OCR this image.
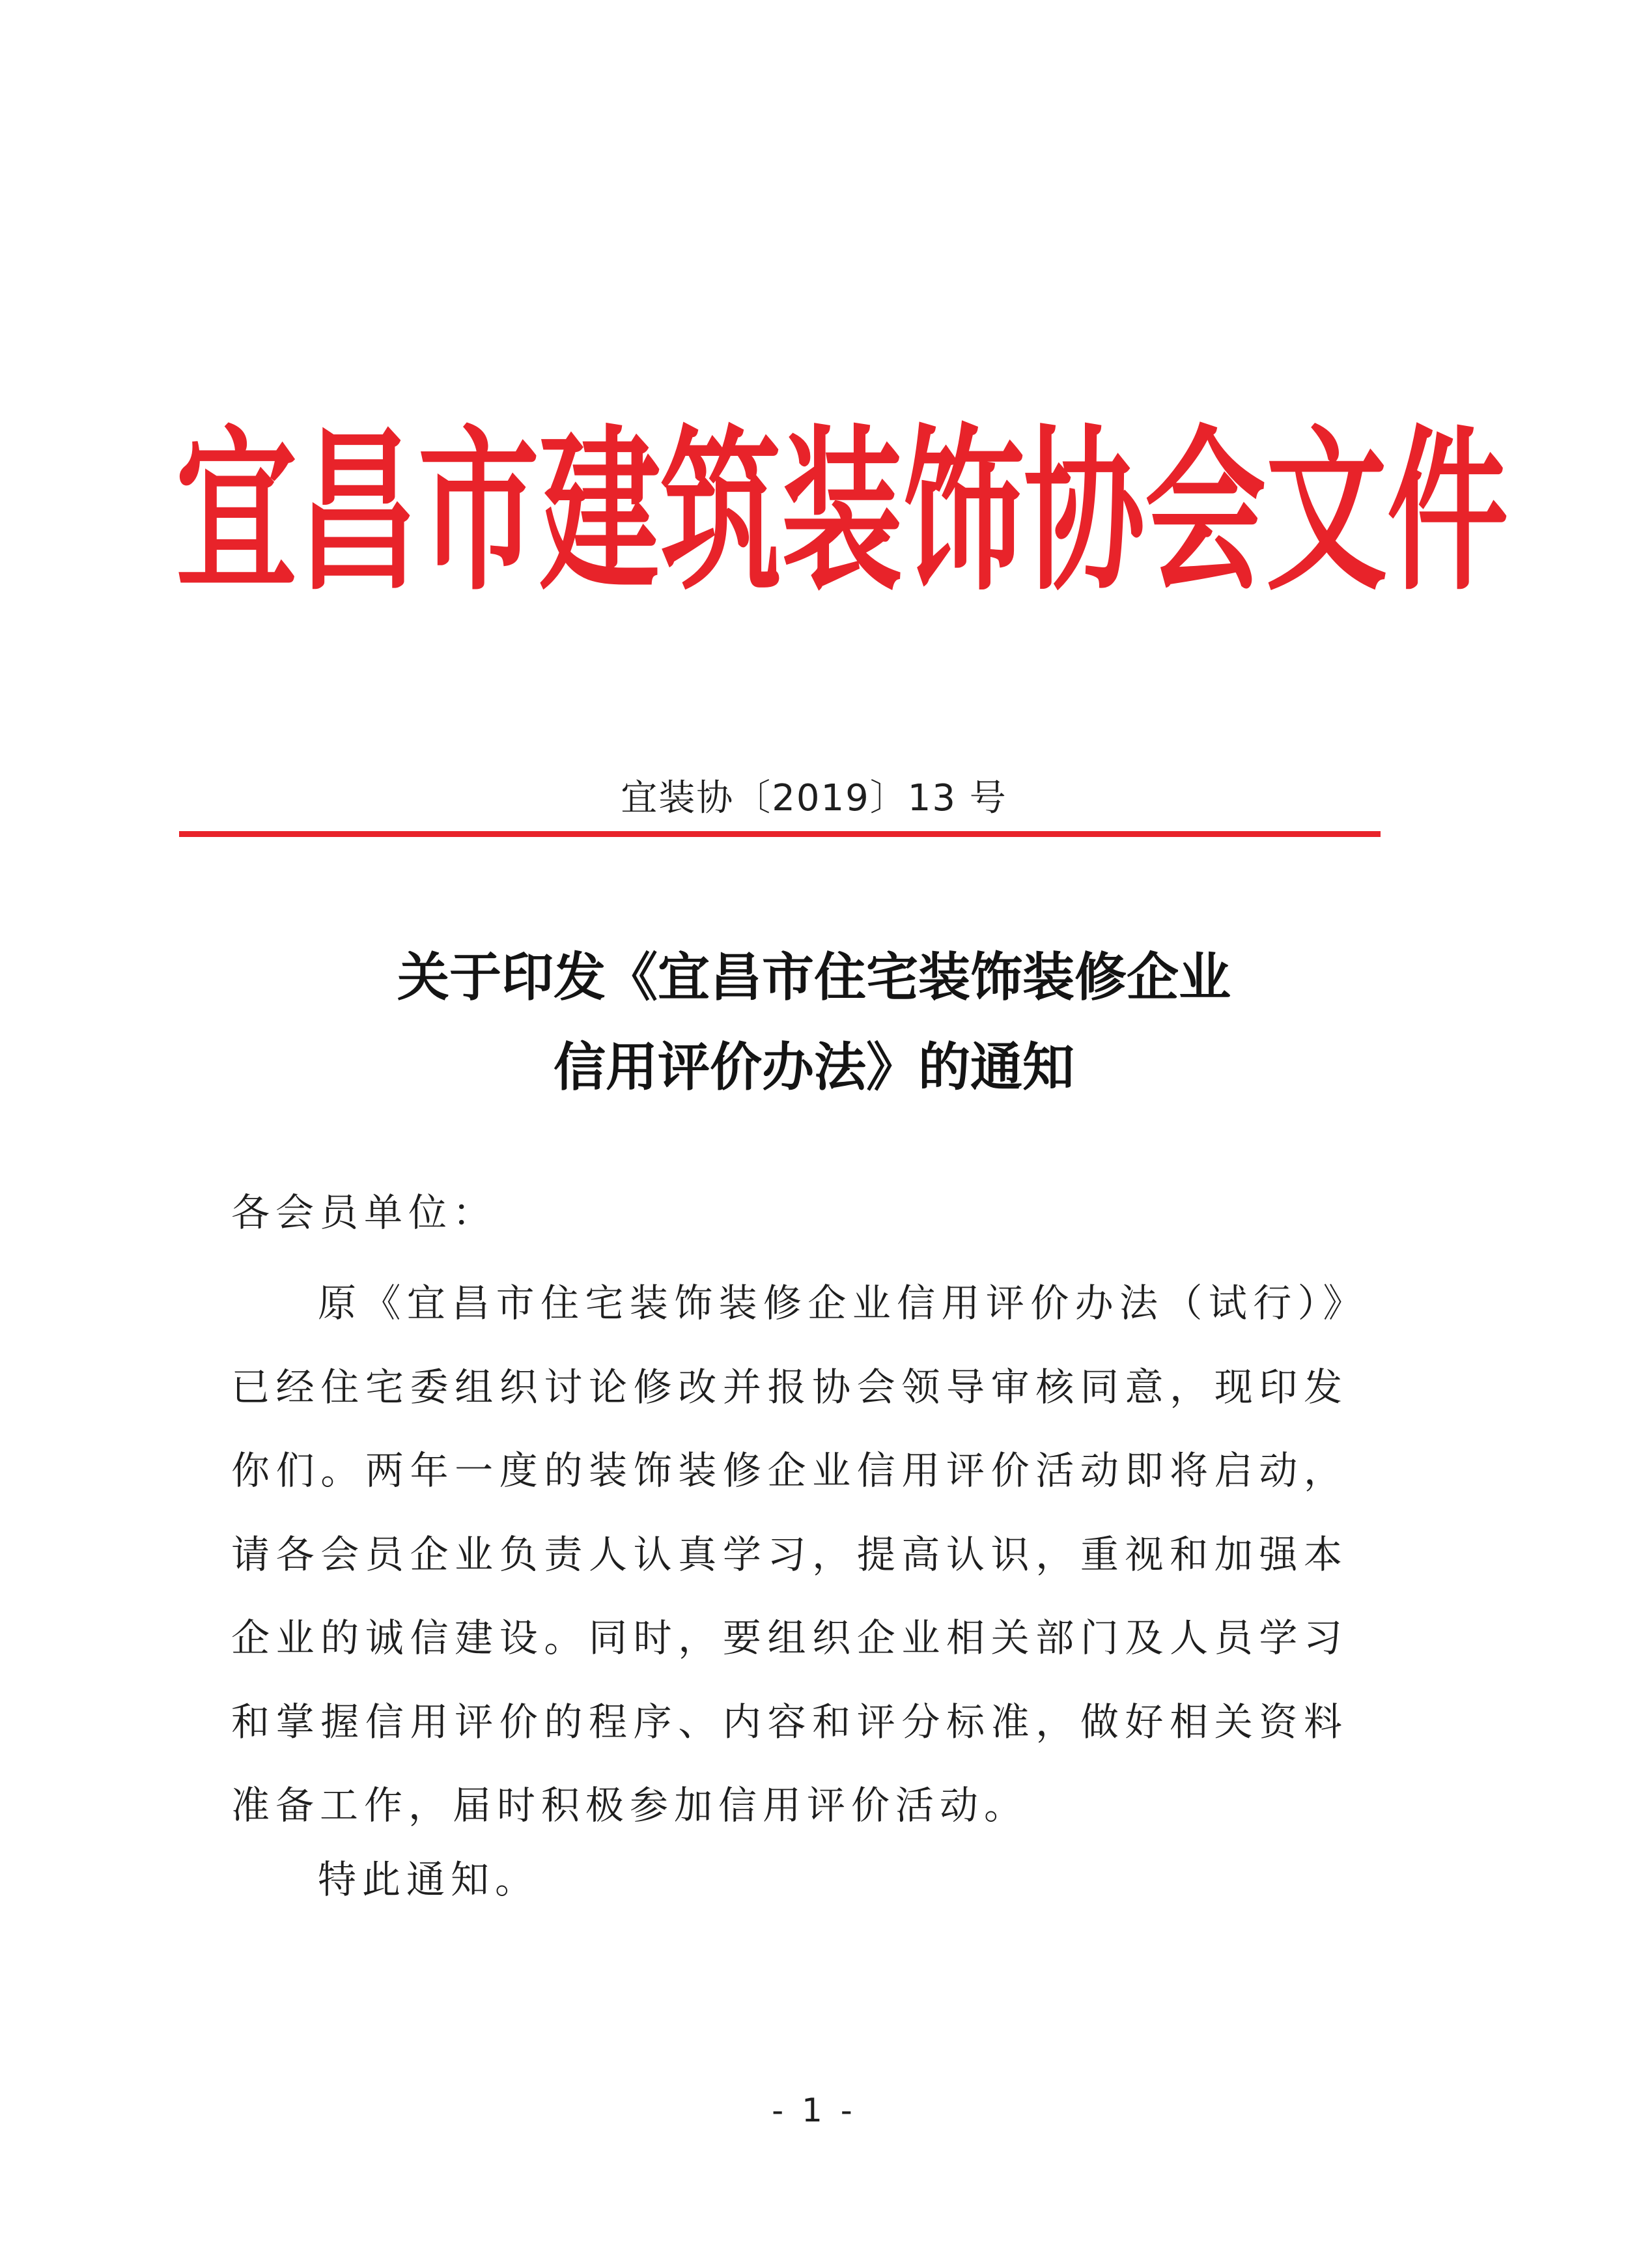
宜昌市建筑装饰协会文件
宜装协〔2019〕13 号
关于印发《宜昌市住宅装饰装修企业
信用评价办法》的通知
各会员单位：
原《宜昌市住宅装饰装修企业信用评价办法（试行）》已经住宅委组织讨论修改并报协会领导审核同意，现印发你们。两年一度的装饰装修企业信用评价活动即将启动，请各会员企业负责人认真学习，提高认识，重视和加强本企业的诚信建设。同时，要组织企业相关部门及人员学习和掌握信用评价的程序、内容和评分标准，做好相关资料准备工作，届时积极参加信用评价活动。
特此通知。
- 1 -
